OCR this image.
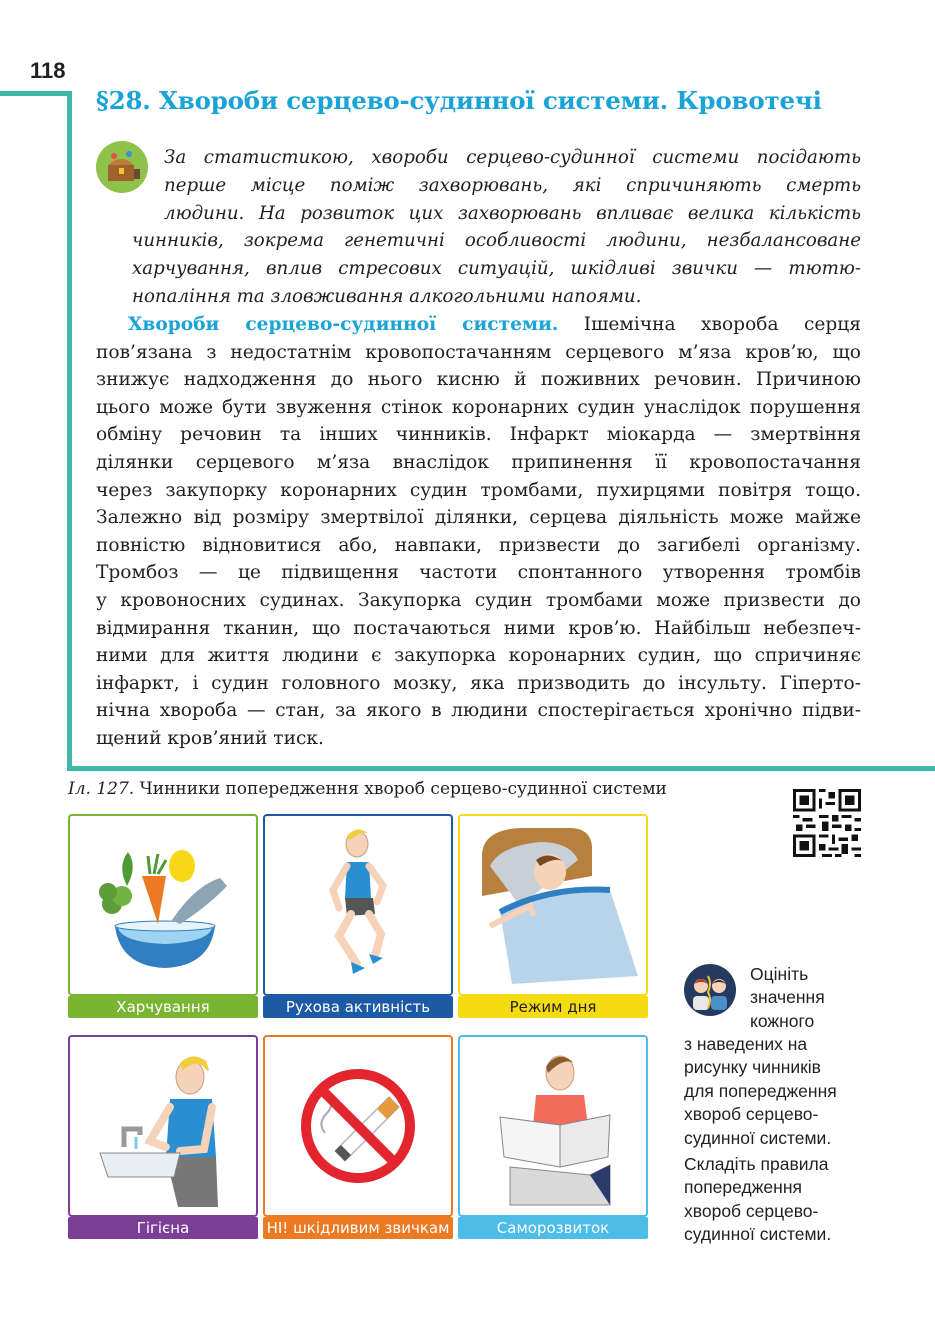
118
§28. Хвороби серцево-судинної системи. Кровотечі
За статистикою, хвороби серцево-судинної системи посідають
перше місце поміж захворювань, які спричиняють смерть
людини. На розвиток цих захворювань впливає велика кількість
чинників, зокрема генетичні особливості людини, незбалансоване
харчування, вплив стресових ситуацій, шкідливі звички — тютю-
нопаління та зловживання алкогольними напоями.
Хвороби серцево-судинної системи. Ішемічна хвороба серця
пов’язана з недостатнім кровопостачанням серцевого м’яза кров’ю, що
знижує надходження до нього кисню й поживних речовин. Причиною
цього може бути звуження стінок коронарних судин унаслідок порушення
обміну речовин та інших чинників. Інфаркт міокарда — змертвіння
ділянки серцевого м’яза внаслідок припинення її кровопостачання
через закупорку коронарних судин тромбами, пухирцями повітря тощо.
Залежно від розміру змертвілої ділянки, серцева діяльність може майже
повністю відновитися або, навпаки, призвести до загибелі організму.
Тромбоз — це підвищення частоти спонтанного утворення тромбів
у кровоносних судинах. Закупорка судин тромбами може призвести до
відмирання тканин, що постачаються ними кров’ю. Найбільш небезпеч-
ними для життя людини є закупорка коронарних судин, що спричиняє
інфаркт, і судин головного мозку, яка призводить до інсульту. Гіперто-
нічна хвороба — стан, за якого в людини спостерігається хронічно підви-
щений кров’яний тиск.
Іл. 127. Чинники попередження хвороб серцево-судинної системи
Харчування	Рухова активність	Режим дня
Гігієна	НІ! шкідливим звичкам	Саморозвиток
Оцініть
значення
кожного
з наведених на
рисунку чинників
для попередження
хвороб серцево-
судинної системи.
Складіть правила
попередження
хвороб серцево-
судинної системи.
